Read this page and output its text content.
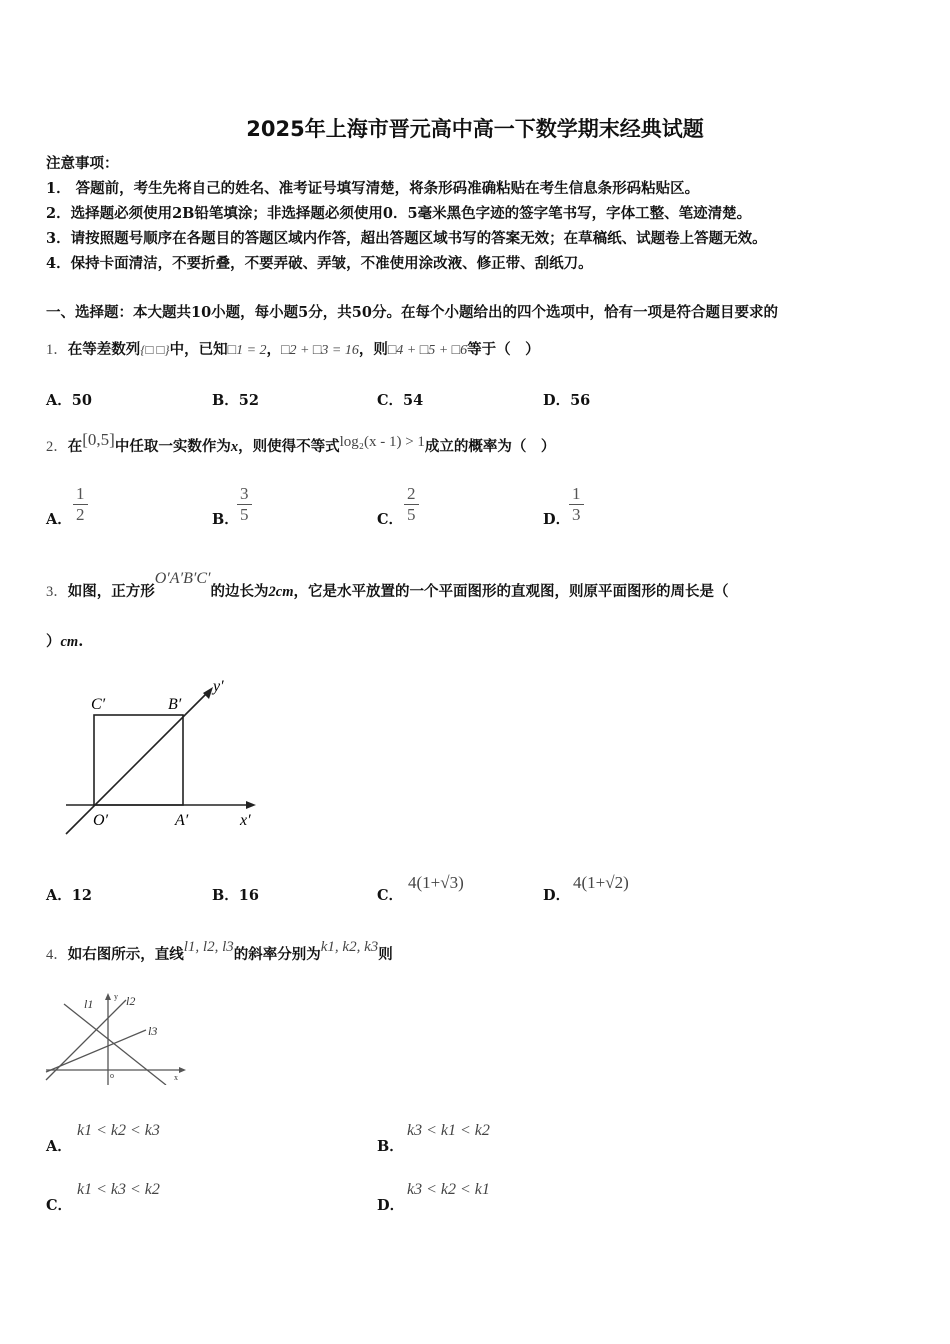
2025年上海市晋元高中高一下数学期末经典试题
注意事项：
1． 答题前，考生先将自己的姓名、准考证号填写清楚，将条形码准确粘贴在考生信息条形码粘贴区。
2．选择题必须使用2B铅笔填涂；非选择题必须使用0．5毫米黑色字迹的签字笔书写，字体工整、笔迹清楚。
3．请按照题号顺序在各题目的答题区域内作答，超出答题区域书写的答案无效；在草稿纸、试题卷上答题无效。
4．保持卡面清洁，不要折叠，不要弄破、弄皱，不准使用涂改液、修正带、刮纸刀。
一、选择题：本大题共10小题，每小题5分，共50分。在每个小题给出的四个选项中，恰有一项是符合题目要求的
1．在等差数列{□ □}中，已知□1 = 2，□2 + □3 = 16，则□4 + □5 + □6等于（　）
A．50	B．52	C．54	D．56
2．在[0,5]中任取一实数作为x，则使得不等式log₂(x - 1) > 1成立的概率为（　）
A． $\frac{1}{2}$	B．
$\frac{3}{5}$	C． $\frac{2}{5}$	D．
$\frac{1}{3}$
3．如图，正方形O′A′B′C′的边长为2cm，它是水平放置的一个平面图形的直观图，则原平面图形的周长是（
）cm.
C′	B′
O′	A′	x′
y′
A．12	B．16	C．
4(1+√3)
D．
4(1+√2)
4．如右图所示，直线l1, l2, l3的斜率分别为k1, k2, k3则
l1	l2
l3
y
o	x
A．
k1 < k2 < k3
B．
k3 < k1 < k2
C．
k1 < k3 < k2
D．
k3 < k2 < k1
